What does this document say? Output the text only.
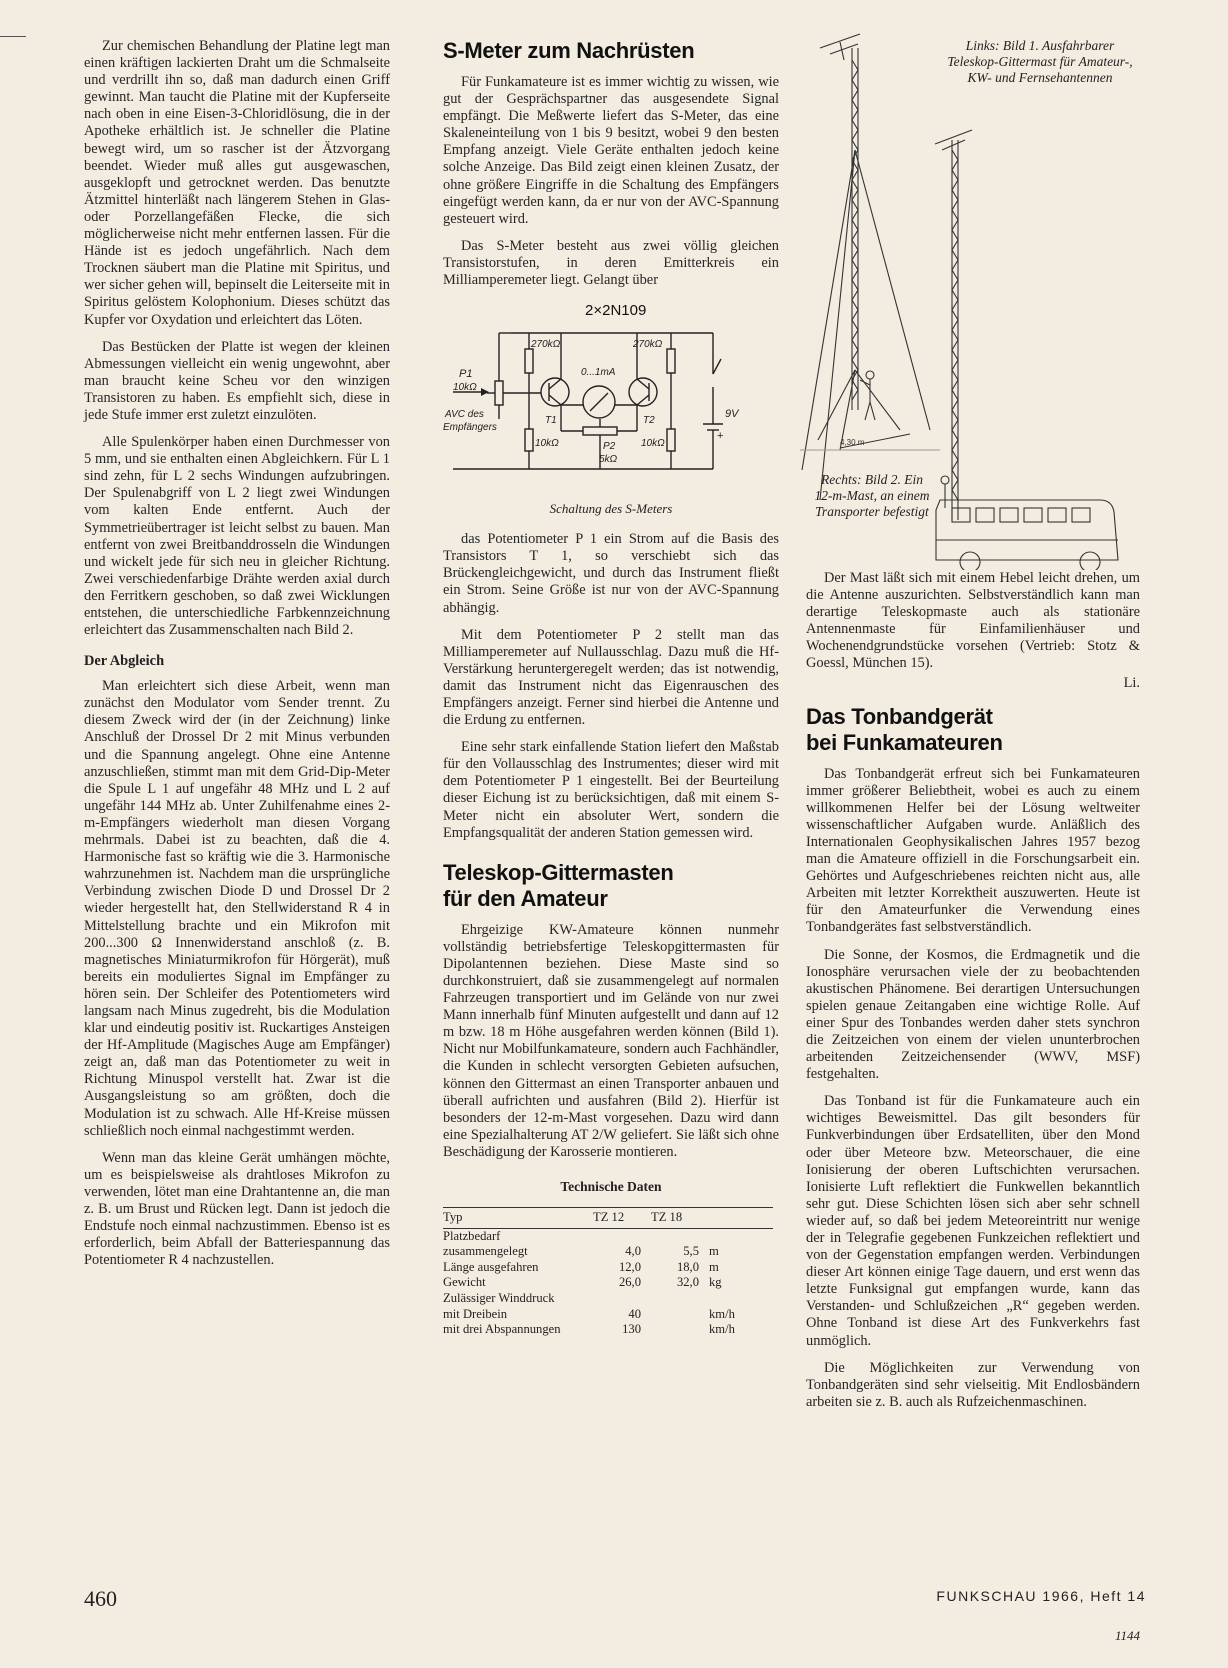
Zur chemischen Behandlung der Platine legt man einen kräftigen lackierten Draht um die Schmalseite und verdrillt ihn so, daß man dadurch einen Griff gewinnt. Man taucht die Platine mit der Kupferseite nach oben in eine Eisen-3-Chloridlösung, die in der Apotheke erhältlich ist. Je schneller die Platine bewegt wird, um so rascher ist der Ätzvorgang beendet. Wieder muß alles gut ausgewaschen, ausgeklopft und getrocknet werden. Das benutzte Ätzmittel hinterläßt nach längerem Stehen in Glas- oder Porzellangefäßen Flecke, die sich möglicherweise nicht mehr entfernen lassen. Für die Hände ist es jedoch ungefährlich. Nach dem Trocknen säubert man die Platine mit Spiritus, und wer sicher gehen will, bepinselt die Leiterseite mit in Spiritus gelöstem Kolophonium. Dieses schützt das Kupfer vor Oxydation und erleichtert das Löten.

Das Bestücken der Platte ist wegen der kleinen Abmessungen vielleicht ein wenig ungewohnt, aber man braucht keine Scheu vor den winzigen Transistoren zu haben. Es empfiehlt sich, diese in jede Stufe immer erst zuletzt einzulöten.

Alle Spulenkörper haben einen Durchmesser von 5 mm, und sie enthalten einen Abgleichkern. Für L 1 sind zehn, für L 2 sechs Windungen aufzubringen. Der Spulenabgriff von L 2 liegt zwei Windungen vom kalten Ende entfernt. Auch der Symmetrieübertrager ist leicht selbst zu bauen. Man entfernt von zwei Breitbanddrosseln die Windungen und wickelt jede für sich neu in gleicher Richtung. Zwei verschiedenfarbige Drähte werden axial durch den Ferritkern geschoben, so daß zwei Wicklungen entstehen, die unterschiedliche Farbkennzeichnung erleichtert das Zusammenschalten nach Bild 2.

Der Abgleich

Man erleichtert sich diese Arbeit, wenn man zunächst den Modulator vom Sender trennt. Zu diesem Zweck wird der (in der Zeichnung) linke Anschluß der Drossel Dr 2 mit Minus verbunden und die Spannung angelegt. Ohne eine Antenne anzuschließen, stimmt man mit dem Grid-Dip-Meter die Spule L 1 auf ungefähr 48 MHz und L 2 auf ungefähr 144 MHz ab. Unter Zuhilfenahme eines 2-m-Empfängers wiederholt man diesen Vorgang mehrmals. Dabei ist zu beachten, daß die 4. Harmonische fast so kräftig wie die 3. Harmonische wahrzunehmen ist. Nachdem man die ursprüngliche Verbindung zwischen Diode D und Drossel Dr 2 wieder hergestellt hat, den Stellwiderstand R 4 in Mittelstellung brachte und ein Mikrofon mit 200...300 Ω Innenwiderstand anschloß (z. B. magnetisches Miniaturmikrofon für Hörgerät), muß bereits ein moduliertes Signal im Empfänger zu hören sein. Der Schleifer des Potentiometers wird langsam nach Minus zugedreht, bis die Modulation klar und eindeutig positiv ist. Ruckartiges Ansteigen der Hf-Amplitude (Magisches Auge am Empfänger) zeigt an, daß man das Potentiometer zu weit in Richtung Minuspol verstellt hat. Zwar ist die Ausgangsleistung so am größten, doch die Modulation ist zu schwach. Alle Hf-Kreise müssen schließlich noch einmal nachgestimmt werden.

Wenn man das kleine Gerät umhängen möchte, um es beispielsweise als drahtloses Mikrofon zu verwenden, lötet man eine Drahtantenne an, die man z. B. um Brust und Rücken legt. Dann ist jedoch die Endstufe noch einmal nachzustimmen. Ebenso ist es erforderlich, beim Abfall der Batteriespannung das Potentiometer R 4 nachzustellen.

S-Meter zum Nachrüsten

Für Funkamateure ist es immer wichtig zu wissen, wie gut der Gesprächspartner das ausgesendete Signal empfängt. Die Meßwerte liefert das S-Meter, das eine Skaleneinteilung von 1 bis 9 besitzt, wobei 9 den besten Empfang anzeigt. Viele Geräte enthalten jedoch keine solche Anzeige. Das Bild zeigt einen kleinen Zusatz, der ohne größere Eingriffe in die Schaltung des Empfängers eingefügt werden kann, da er nur von der AVC-Spannung gesteuert wird.

Das S-Meter besteht aus zwei völlig gleichen Transistorstufen, in deren Emitterkreis ein Milliamperemeter liegt. Gelangt über

2×2N109
270kΩ	270kΩ
P1
10kΩ
0...1mA
T1	T2
AVC des
Empfängers
10kΩ	10kΩ
P2
5kΩ
9V
+
Schaltung des S-Meters

das Potentiometer P 1 ein Strom auf die Basis des Transistors T 1, so verschiebt sich das Brückengleichgewicht, und durch das Instrument fließt ein Strom. Seine Größe ist nur von der AVC-Spannung abhängig.

Mit dem Potentiometer P 2 stellt man das Milliamperemeter auf Nullausschlag. Dazu muß die Hf-Verstärkung heruntergeregelt werden; das ist notwendig, damit das Instrument nicht das Eigenrauschen des Empfängers anzeigt. Ferner sind hierbei die Antenne und die Erdung zu entfernen.

Eine sehr stark einfallende Station liefert den Maßstab für den Vollausschlag des Instrumentes; dieser wird mit dem Potentiometer P 1 eingestellt. Bei der Beurteilung dieser Eichung ist zu berücksichtigen, daß mit einem S-Meter nicht ein absoluter Wert, sondern die Empfangsqualität der anderen Station gemessen wird.

Teleskop-Gittermasten
für den Amateur

Ehrgeizige KW-Amateure können nunmehr vollständig betriebsfertige Teleskopgittermasten für Dipolantennen beziehen. Diese Maste sind so durchkonstruiert, daß sie zusammengelegt auf normalen Fahrzeugen transportiert und im Gelände von nur zwei Mann innerhalb fünf Minuten aufgestellt und dann auf 12 m bzw. 18 m Höhe ausgefahren werden können (Bild 1). Nicht nur Mobilfunkamateure, sondern auch Fachhändler, die Kunden in schlecht versorgten Gebieten aufsuchen, können den Gittermast an einen Transporter anbauen und überall aufrichten und ausfahren (Bild 2). Hierfür ist besonders der 12-m-Mast vorgesehen. Dazu wird dann eine Spezialhalterung AT 2/W geliefert. Sie läßt sich ohne Beschädigung der Karosserie montieren.

Technische Daten
Typ	TZ 12	TZ 18	
Platzbedarf			
zusammengelegt	4,0	5,5	m
Länge ausgefahren	12,0	18,0	m
Gewicht	26,0	32,0	kg
Zulässiger Winddruck			
mit Dreibein	40		km/h
mit drei Abspannungen	130		km/h
4,30 m
Links: Bild 1. Ausfahrbarer Teleskop-Gittermast für Amateur-, KW- und Fernsehantennen
Rechts: Bild 2. Ein 12-m-Mast, an einem Transporter befestigt

Der Mast läßt sich mit einem Hebel leicht drehen, um die Antenne auszurichten. Selbstverständlich kann man derartige Teleskopmaste auch als stationäre Antennenmaste für Einfamilienhäuser und Wochenendgrundstücke vorsehen (Vertrieb: Stotz & Goessl, München 15).

Li.
Das Tonbandgerät
bei Funkamateuren

Das Tonbandgerät erfreut sich bei Funkamateuren immer größerer Beliebtheit, wobei es auch zu einem willkommenen Helfer bei der Lösung weltweiter wissenschaftlicher Aufgaben wurde. Anläßlich des Internationalen Geophysikalischen Jahres 1957 bezog man die Amateure offiziell in die Forschungsarbeit ein. Gehörtes und Aufgeschriebenes reichten nicht aus, alle Arbeiten mit letzter Korrektheit auszuwerten. Heute ist für den Amateurfunker die Verwendung eines Tonbandgerätes fast selbstverständlich.

Die Sonne, der Kosmos, die Erdmagnetik und die Ionosphäre verursachen viele der zu beobachtenden akustischen Phänomene. Bei derartigen Untersuchungen spielen genaue Zeitangaben eine wichtige Rolle. Auf einer Spur des Tonbandes werden daher stets synchron die Zeitzeichen von einem der vielen ununterbrochen arbeitenden Zeitzeichensender (WWV, MSF) festgehalten.

Das Tonband ist für die Funkamateure auch ein wichtiges Beweismittel. Das gilt besonders für Funkverbindungen über Erdsatelliten, über den Mond oder über Meteore bzw. Meteorschauer, die eine Ionisierung der oberen Luftschichten verursachen. Ionisierte Luft reflektiert die Funkwellen bekanntlich sehr gut. Diese Schichten lösen sich aber sehr schnell wieder auf, so daß bei jedem Meteoreintritt nur wenige der in Telegrafie gegebenen Funkzeichen reflektiert und von der Gegenstation empfangen werden. Verbindungen dieser Art können einige Tage dauern, und erst wenn das letzte Funksignal gut empfangen wurde, kann das Verstanden- und Schlußzeichen „R“ gegeben werden. Ohne Tonband ist diese Art des Funkverkehrs fast unmöglich.

Die Möglichkeiten zur Verwendung von Tonbandgeräten sind sehr vielseitig. Mit Endlosbändern arbeiten sie z. B. auch als Rufzeichenmaschinen.

460	FUNKSCHAU 1966, Heft 14
1144
